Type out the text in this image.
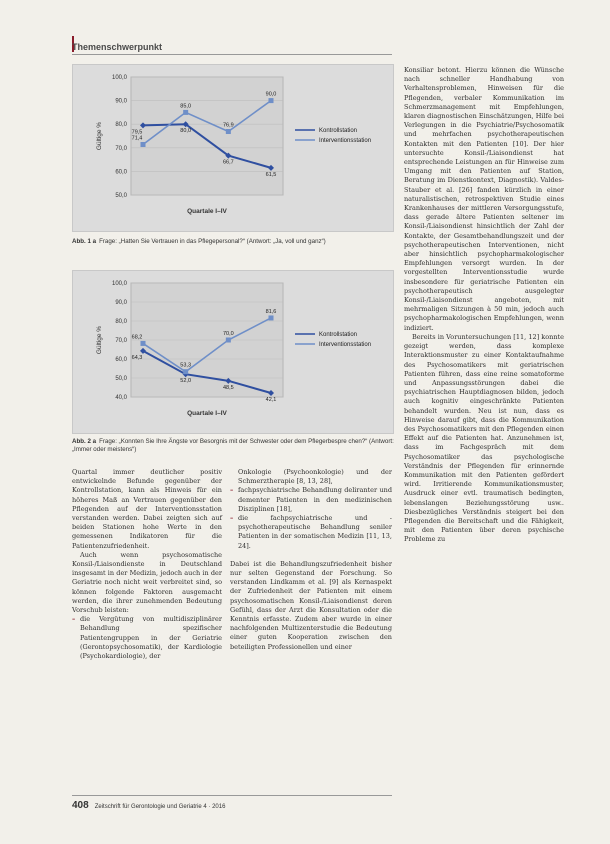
Themenschwerpunkt
50,0
60,0
70,0
80,0
90,0
100,0
Gültige %
Quartale I–IV
79,5	80,0
66,7
61,5
Kontrollstation
71,4
85,0
76,9
90,0
Interventionsstation
Abb. 1 a Frage: „Hatten Sie Vertrauen in das Pflegepersonal?“ (Antwort: „Ja, voll und ganz“)
40,0
50,0
60,0
70,0
80,0
90,0
100,0
Gültige %
Quartale I–IV
64,3
52,0
48,5
42,1
Kontrollstation
68,2
53,3
70,0
81,6
Interventionsstation
Abb. 2 a Frage: „Konnten Sie Ihre Ängste vor Besorgnis mit der Schwester oder dem Pflegerbespre chen?“ (Antwort: „Immer oder meistens“)

Quartal immer deutlicher positiv entwickelnde Befunde gegenüber der Kontrollstation, kann als Hinweis für ein höheres Maß an Vertrauen gegenüber den Pflegenden auf der Interventionsstation verstanden werden. Dabei zeigten sich auf beiden Stationen hohe Werte in den gemessenen Indikatoren für die Patientenzufriedenheit.

Auch wenn psychosomatische Konsil-/Liaisondienste in Deutschland insgesamt in der Medizin, jedoch auch in der Geriatrie noch nicht weit verbreitet sind, so können folgende Faktoren ausgemacht werden, die ihrer zunehmenden Bedeutung Vorschub leisten:

– die Vergütung von multidisziplinärer Behandlung spezifischer Patientengruppen in der Geriatrie (Gerontopsychosomatik), der Kardiologie (Psychokardiologie), der

Onkologie (Psychoonkologie) und der Schmerztherapie [8, 13, 28],

– fachpsychiatrische Behandlung deliranter und dementer Patienten in den medizinischen Disziplinen [18],
– die fachpsychiatrische und -psychotherapeutische Behandlung seniler Patienten in der somatischen Medizin [11, 13, 24].

Dabei ist die Behandlungszufriedenheit bisher nur selten Gegenstand der Forschung. So verstanden Lindkamm et al. [9] als Kernaspekt der Zufriedenheit der Patienten mit einem psychosomatischen Konsil-/Liaisondienst deren Gefühl, dass der Arzt die Konsultation oder die Kenntnis erfasste. Zudem aber wurde in einer nachfolgenden Multizenterstudie die Bedeutung einer guten Kooperation zwischen den beteiligten Professionellen und einer

Konsiliar betont. Hierzu können die Wünsche nach schneller Handhabung von Verhaltensproblemen, Hinweisen für die Pflegenden, verbaler Kommunikation im Schmerzmanagement mit Empfehlungen, klaren diagnostischen Einschätzungen, Hilfe bei Verlegungen in die Psychiatrie/Psychosomatik und mehrfachen psychotherapeutischen Kontakten mit den Patienten [10]. Der hier untersuchte Konsil-/Liaisondienst hat entsprechende Leistungen an für Hinweise zum Umgang mit den Patienten auf Station, Beratung im Dienstkontext, Diagnostik). Valdes-Stauber et al. [26] fanden kürzlich in einer naturalistischen, retrospektiven Studie eines Krankenhauses der mittleren Versorgungsstufe, dass gerade ältere Patienten seltener im Konsil-/Liaisondienst hinsichtlich der Zahl der Kontakte, der Gesamtbehandlungszeit und der psychotherapeutischen Interventionen, nicht aber hinsichtlich psychopharmakologischer Empfehlungen versorgt wurden. In der vorgestellten Interventionsstudie wurde insbesondere für geriatrische Patienten ein psychotherapeutisch ausgelegter Konsil-/Liaisondienst angeboten, mit mehrmaligen Sitzungen à 50 min, jedoch auch psychopharmakologischen Empfehlungen, wenn indiziert.

Bereits in Voruntersuchungen [11, 12] konnte gezeigt werden, dass komplexe Interaktionsmuster zu einer Kontaktaufnahme des Psychosomatikers mit geriatrischen Patienten führen, dass eine reine somatoforme und Anpassungsstörungen dabei die psychiatrischen Hauptdiagnosen bilden, jedoch auch kognitiv eingeschränkte Patienten behandelt wurden. Neu ist nun, dass es Hinweise darauf gibt, dass die Kommunikation des Psychosomatikers mit den Pflegenden einen Effekt auf die Patienten hat. Anzunehmen ist, dass im Fachgespräch mit dem Psychosomatiker das psychologische Verständnis der Pflegenden für erinnernde Kommunikation mit den Patienten gefördert wird. Irritierende Kommunikationsmuster, Ausdruck einer evtl. traumatisch bedingten, lebenslangen Beziehungsstörung usw.. Diesbezügliches Verständnis steigert bei den Pflegenden die Bereitschaft und die Fähigkeit, mit den Patienten über deren psychische Probleme zu

408 Zeitschrift für Gerontologie und Geriatrie 4 · 2016
